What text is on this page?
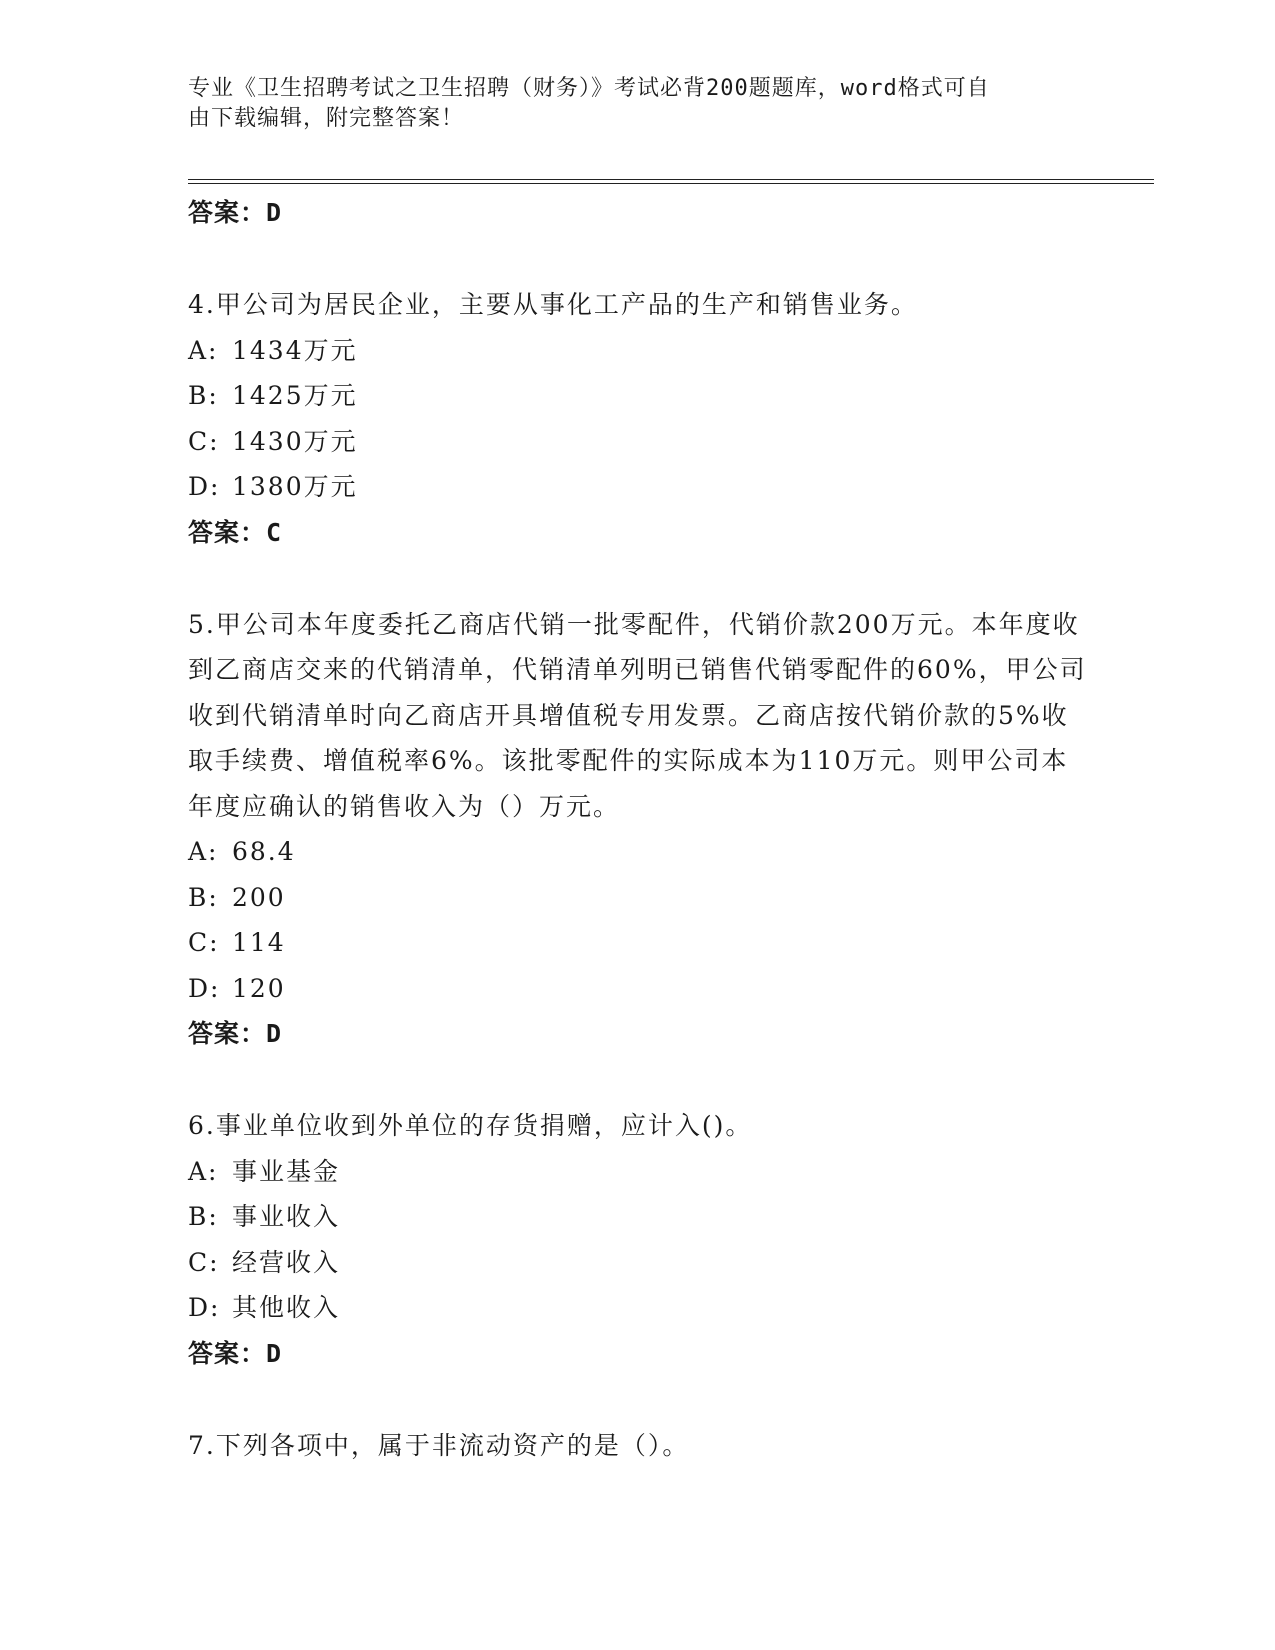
专业《卫生招聘考试之卫生招聘（财务）》考试必背200题题库，word格式可自
由下载编辑，附完整答案！
答案：D
4.甲公司为居民企业，主要从事化工产品的生产和销售业务。
A: 1434万元
B: 1425万元
C: 1430万元
D: 1380万元
答案：C
5.甲公司本年度委托乙商店代销一批零配件，代销价款200万元。本年度收到乙商店交来的代销清单，代销清单列明已销售代销零配件的60%，甲公司收到代销清单时向乙商店开具增值税专用发票。乙商店按代销价款的5%收取手续费、增值税率6%。该批零配件的实际成本为110万元。则甲公司本年度应确认的销售收入为（）万元。
A: 68.4
B: 200
C: 114
D: 120
答案：D
6.事业单位收到外单位的存货捐赠，应计入()。
A: 事业基金
B: 事业收入
C: 经营收入
D: 其他收入
答案：D
7.下列各项中，属于非流动资产的是（）。
